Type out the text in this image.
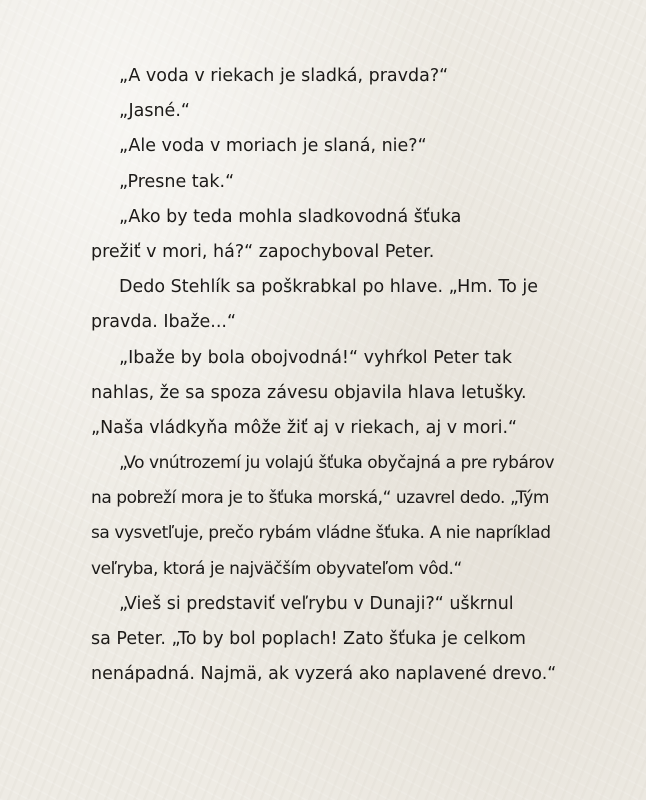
„A voda v riekach je sladká, pravda?“
„Jasné.“
„Ale voda v moriach je slaná, nie?“
„Presne tak.“
„Ako by teda mohla sladkovodná šťuka
prežiť v mori, há?“ zapochyboval Peter.
Dedo Stehlík sa poškrabkal po hlave. „Hm. To je
pravda. Ibaže...“
„Ibaže by bola obojvodná!“ vyhŕkol Peter tak
nahlas, že sa spoza závesu objavila hlava letušky.
„Naša vládkyňa môže žiť aj v riekach, aj v mori.“
„Vo vnútrozemí ju volajú šťuka obyčajná a pre rybárov
na pobreží mora je to šťuka morská,“ uzavrel dedo. „Tým
sa vysvetľuje, prečo rybám vládne šťuka. A nie napríklad
veľryba, ktorá je najväčším obyvateľom vôd.“
„Vieš si predstaviť veľrybu v Dunaji?“ uškrnul
sa Peter. „To by bol poplach! Zato šťuka je celkom
nenápadná. Najmä, ak vyzerá ako naplavené drevo.“
